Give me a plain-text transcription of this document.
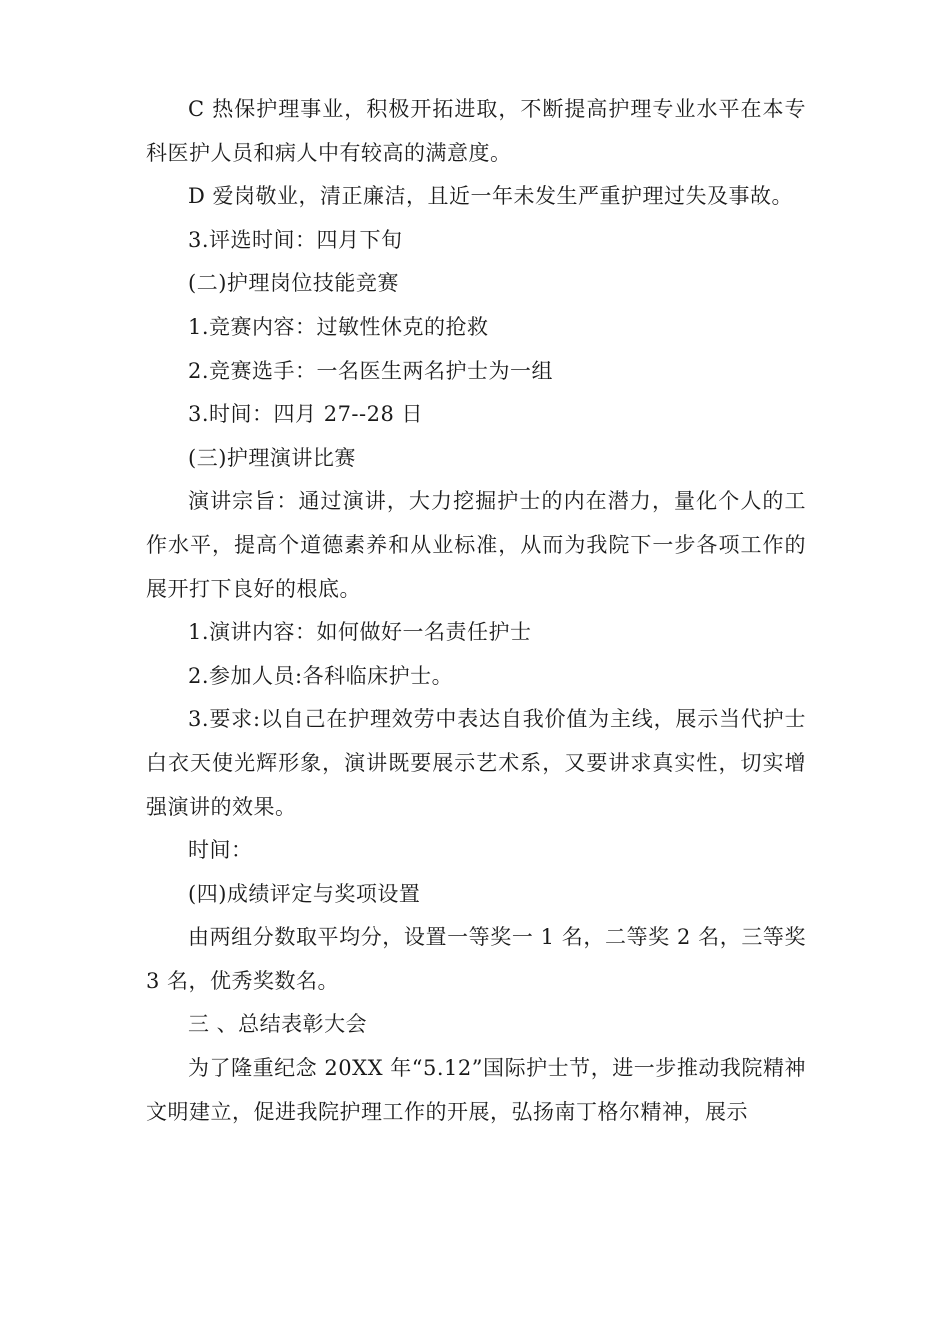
C 热保护理事业，积极开拓进取，不断提高护理专业水平在本专科医护人员和病人中有较高的满意度。

D 爱岗敬业，清正廉洁，且近一年未发生严重护理过失及事故。

3.评选时间：四月下旬

(二)护理岗位技能竞赛

1.竞赛内容：过敏性休克的抢救

2.竞赛选手：一名医生两名护士为一组

3.时间：四月 27--28 日

(三)护理演讲比赛

演讲宗旨：通过演讲，大力挖掘护士的内在潜力，量化个人的工作水平，提高个道德素养和从业标准，从而为我院下一步各项工作的展开打下良好的根底。

1.演讲内容：如何做好一名责任护士

2.参加人员:各科临床护士。

3.要求:以自己在护理效劳中表达自我价值为主线，展示当代护士白衣天使光辉形象，演讲既要展示艺术系，又要讲求真实性，切实增强演讲的效果。

时间：

(四)成绩评定与奖项设置

由两组分数取平均分，设置一等奖一 1 名，二等奖 2 名，三等奖 3 名，优秀奖数名。

三 、总结表彰大会

为了隆重纪念 20XX 年“5.12”国际护士节，进一步推动我院精神文明建立，促进我院护理工作的开展，弘扬南丁格尔精神，展示
